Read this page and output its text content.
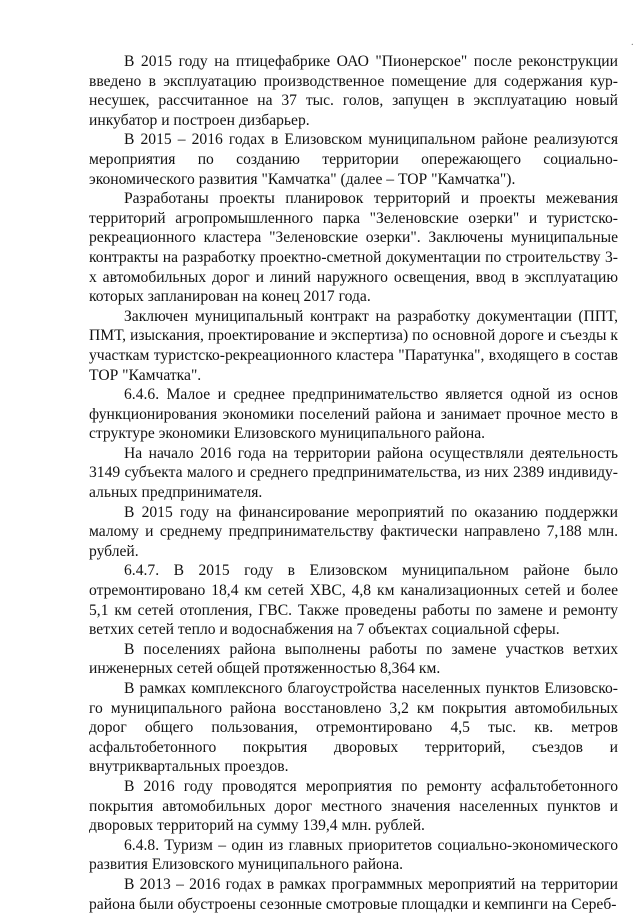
·

В 2015 году на птицефабрике ОАО "Пионерское" после реконструкции введено в эксплуатацию производственное помещение для содержания кур-несушек, рассчитанное на 37 тыс. голов, запущен в эксплуатацию новый инкубатор и построен дизбарьер.

В 2015 – 2016 годах в Елизовском муниципальном районе реализуются мероприятия по созданию территории опережающего социально-экономического развития "Камчатка" (далее – ТОР "Камчатка").

Разработаны проекты планировок территорий и проекты межевания территорий агропромышленного парка "Зеленовские озерки" и туристско-рекреационного кластера "Зеленовские озерки". Заключены муниципальные контракты на разработку проектно-сметной документации по строительству 3-х автомобильных дорог и линий наружного освещения, ввод в эксплуатацию которых запланирован на конец 2017 года.

Заключен муниципальный контракт на разработку документации (ППТ, ПМТ, изыскания, проектирование и экспертиза) по основной дороге и съезды к участкам туристско-рекреационного кластера "Паратунка", входящего в состав ТОР "Камчатка".

6.4.6. Малое и среднее предпринимательство является одной из основ функционирования экономики поселений района и занимает прочное место в структуре экономики Елизовского муниципального района.

На начало 2016 года на территории района осуществляли деятельность 3149 субъекта малого и среднего предпринимательства, из них 2389 индивиду-альных предпринимателя.

В 2015 году на финансирование мероприятий по оказанию поддержки малому и среднему предпринимательству фактически направлено 7,188 млн. рублей.

6.4.7. В 2015 году в Елизовском муниципальном районе было отремонтировано 18,4 км сетей ХВС, 4,8 км канализационных сетей и более 5,1 км сетей отопления, ГВС. Также проведены работы по замене и ремонту ветхих сетей тепло и водоснабжения на 7 объектах социальной сферы.

В поселениях района выполнены работы по замене участков ветхих инженерных сетей общей протяженностью 8,364 км.

В рамках комплексного благоустройства населенных пунктов Елизовско-го муниципального района восстановлено 3,2 км покрытия автомобильных дорог общего пользования, отремонтировано 4,5 тыс. кв. метров асфальтобетонного покрытия дворовых территорий, съездов и внутриквартальных проездов.

В 2016 году проводятся мероприятия по ремонту асфальтобетонного покрытия автомобильных дорог местного значения населенных пунктов и дворовых территорий на сумму 139,4 млн. рублей.

6.4.8. Туризм – один из главных приоритетов социально-экономического развития Елизовского муниципального района.

В 2013 – 2016 годах в рамках программных мероприятий на территории района были обустроены сезонные смотровые площадки и кемпинги на Сереб-
